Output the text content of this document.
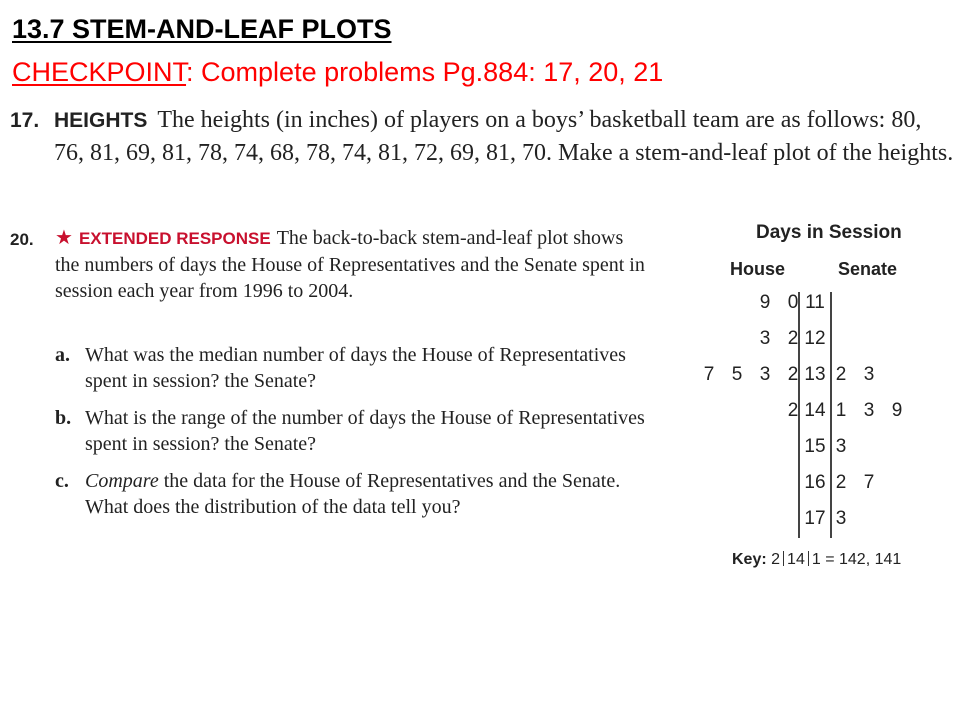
13.7 STEM-AND-LEAF PLOTS
CHECKPOINT: Complete problems Pg.884: 17, 20, 21
17. HEIGHTS The heights (in inches) of players on a boys’ basketball team are as follows: 80, 76, 81, 69, 81, 78, 74, 68, 78, 74, 81, 72, 69, 81, 70. Make a stem-and-leaf plot of the heights.
20. ★ EXTENDED RESPONSE The back-to-back stem-and-leaf plot shows the numbers of days the House of Representatives and the Senate spent in session each year from 1996 to 2004.
a. What was the median number of days the House of Representatives spent in session? the Senate?
b. What is the range of the number of days the House of Representatives spent in session? the Senate?
c. Compare the data for the House of Representatives and the Senate. What does the distribution of the data tell you?
Days in Session
House	Senate
9 0 11
3 2 12
7 5 3 2 13 2 3
2 14 1 3 9
15 3
16 2 7
17 3
Key: 2 14 1 = 142, 141
